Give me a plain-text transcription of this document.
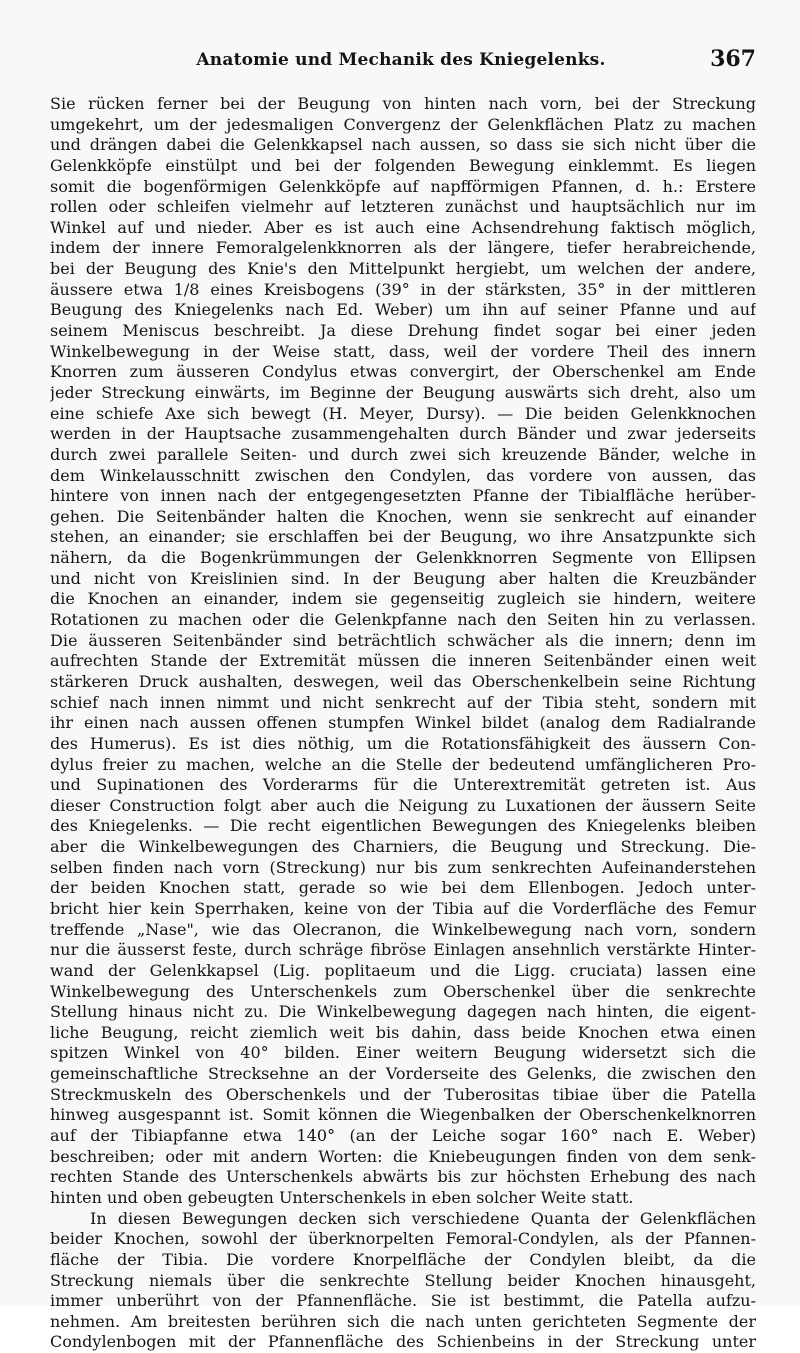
Anatomie und Mechanik des Kniegelenks.	367
Sie rücken ferner bei der Beugung von hinten nach vorn, bei der Streckung
umgekehrt, um der jedesmaligen Convergenz der Gelenkflächen Platz zu machen
und drängen dabei die Gelenkkapsel nach aussen, so dass sie sich nicht über die
Gelenkköpfe einstülpt und bei der folgenden Bewegung einklemmt. Es liegen
somit die bogenförmigen Gelenkköpfe auf napfförmigen Pfannen, d. h.: Erstere
rollen oder schleifen vielmehr auf letzteren zunächst und hauptsächlich nur im
Winkel auf und nieder. Aber es ist auch eine Achsendrehung faktisch möglich,
indem der innere Femoralgelenkknorren als der längere, tiefer herabreichende,
bei der Beugung des Knie's den Mittelpunkt hergiebt, um welchen der andere,
äussere etwa 1/8 eines Kreisbogens (39° in der stärksten, 35° in der mittleren
Beugung des Kniegelenks nach Ed. Weber) um ihn auf seiner Pfanne und auf
seinem Meniscus beschreibt. Ja diese Drehung findet sogar bei einer jeden
Winkelbewegung in der Weise statt, dass, weil der vordere Theil des innern
Knorren zum äusseren Condylus etwas convergirt, der Oberschenkel am Ende
jeder Streckung einwärts, im Beginne der Beugung auswärts sich dreht, also um
eine schiefe Axe sich bewegt (H. Meyer, Dursy). — Die beiden Gelenkknochen
werden in der Hauptsache zusammengehalten durch Bänder und zwar jederseits
durch zwei parallele Seiten- und durch zwei sich kreuzende Bänder, welche in
dem Winkelausschnitt zwischen den Condylen, das vordere von aussen, das
hintere von innen nach der entgegengesetzten Pfanne der Tibialfläche herüber-
gehen. Die Seitenbänder halten die Knochen, wenn sie senkrecht auf einander
stehen, an einander; sie erschlaffen bei der Beugung, wo ihre Ansatzpunkte sich
nähern, da die Bogenkrümmungen der Gelenkknorren Segmente von Ellipsen
und nicht von Kreislinien sind. In der Beugung aber halten die Kreuzbänder
die Knochen an einander, indem sie gegenseitig zugleich sie hindern, weitere
Rotationen zu machen oder die Gelenkpfanne nach den Seiten hin zu verlassen.
Die äusseren Seitenbänder sind beträchtlich schwächer als die innern; denn im
aufrechten Stande der Extremität müssen die inneren Seitenbänder einen weit
stärkeren Druck aushalten, deswegen, weil das Oberschenkelbein seine Richtung
schief nach innen nimmt und nicht senkrecht auf der Tibia steht, sondern mit
ihr einen nach aussen offenen stumpfen Winkel bildet (analog dem Radialrande
des Humerus). Es ist dies nöthig, um die Rotationsfähigkeit des äussern Con-
dylus freier zu machen, welche an die Stelle der bedeutend umfänglicheren Pro-
und Supinationen des Vorderarms für die Unterextremität getreten ist. Aus
dieser Construction folgt aber auch die Neigung zu Luxationen der äussern Seite
des Kniegelenks. — Die recht eigentlichen Bewegungen des Kniegelenks bleiben
aber die Winkelbewegungen des Charniers, die Beugung und Streckung. Die-
selben finden nach vorn (Streckung) nur bis zum senkrechten Aufeinanderstehen
der beiden Knochen statt, gerade so wie bei dem Ellenbogen. Jedoch unter-
bricht hier kein Sperrhaken, keine von der Tibia auf die Vorderfläche des Femur
treffende „Nase", wie das Olecranon, die Winkelbewegung nach vorn, sondern
nur die äusserst feste, durch schräge fibröse Einlagen ansehnlich verstärkte Hinter-
wand der Gelenkkapsel (Lig. poplitaeum und die Ligg. cruciata) lassen eine
Winkelbewegung des Unterschenkels zum Oberschenkel über die senkrechte
Stellung hinaus nicht zu. Die Winkelbewegung dagegen nach hinten, die eigent-
liche Beugung, reicht ziemlich weit bis dahin, dass beide Knochen etwa einen
spitzen Winkel von 40° bilden. Einer weitern Beugung widersetzt sich die
gemeinschaftliche Strecksehne an der Vorderseite des Gelenks, die zwischen den
Streckmuskeln des Oberschenkels und der Tuberositas tibiae über die Patella
hinweg ausgespannt ist. Somit können die Wiegenbalken der Oberschenkelknorren
auf der Tibiapfanne etwa 140° (an der Leiche sogar 160° nach E. Weber)
beschreiben; oder mit andern Worten: die Kniebeugungen finden von dem senk-
rechten Stande des Unterschenkels abwärts bis zur höchsten Erhebung des nach
hinten und oben gebeugten Unterschenkels in eben solcher Weite statt.
In diesen Bewegungen decken sich verschiedene Quanta der Gelenkflächen
beider Knochen, sowohl der überknorpelten Femoral-Condylen, als der Pfannen-
fläche der Tibia. Die vordere Knorpelfläche der Condylen bleibt, da die
Streckung niemals über die senkrechte Stellung beider Knochen hinausgeht,
immer unberührt von der Pfannenfläche. Sie ist bestimmt, die Patella aufzu-
nehmen. Am breitesten berühren sich die nach unten gerichteten Segmente der
Condylenbogen mit der Pfannenfläche des Schienbeins in der Streckung unter
